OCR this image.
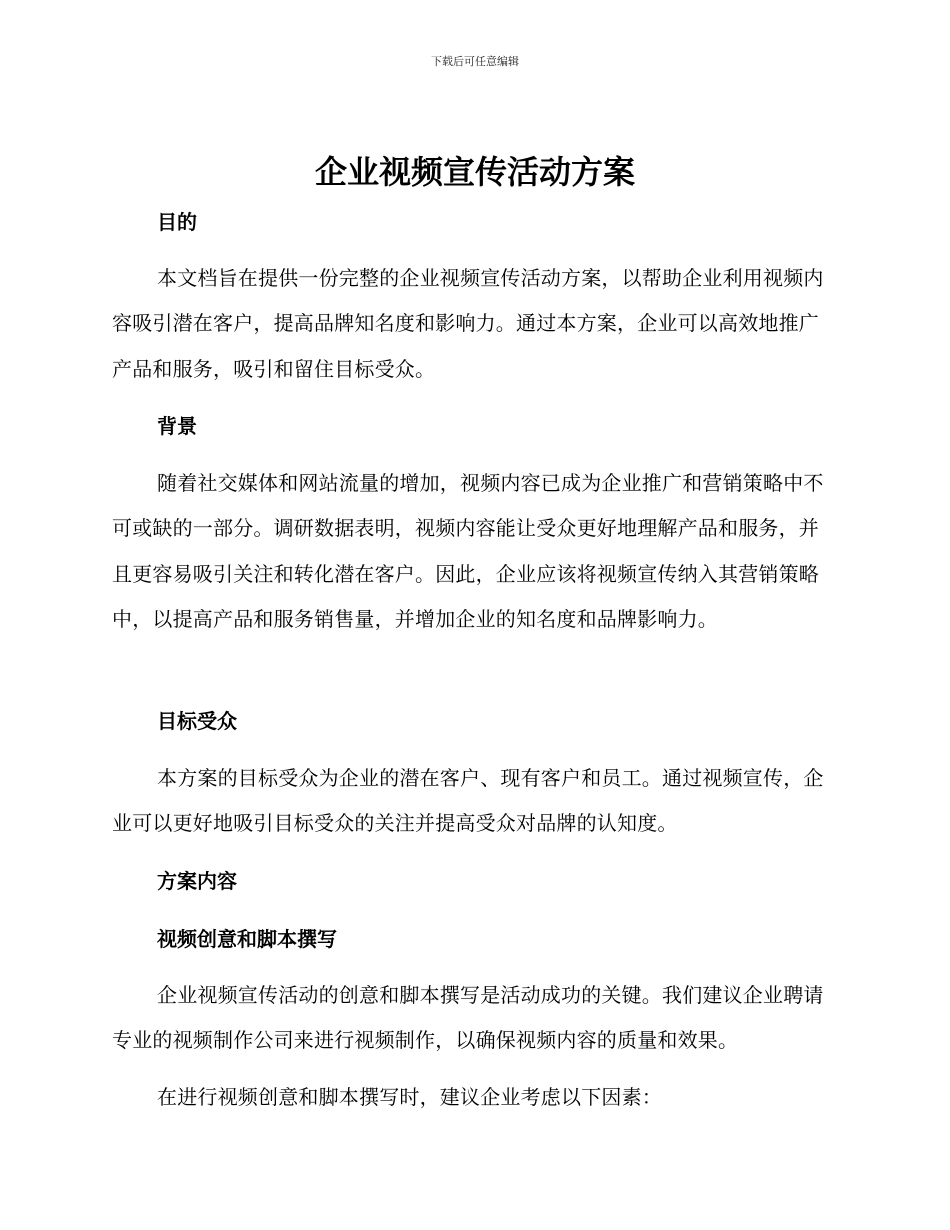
下载后可任意编辑
企业视频宣传活动方案
目的

本文档旨在提供一份完整的企业视频宣传活动方案，以帮助企业利用视频内容吸引潜在客户，提高品牌知名度和影响力。通过本方案，企业可以高效地推广产品和服务，吸引和留住目标受众。

背景

随着社交媒体和网站流量的增加，视频内容已成为企业推广和营销策略中不可或缺的一部分。调研数据表明，视频内容能让受众更好地理解产品和服务，并且更容易吸引关注和转化潜在客户。因此，企业应该将视频宣传纳入其营销策略中，以提高产品和服务销售量，并增加企业的知名度和品牌影响力。

目标受众

本方案的目标受众为企业的潜在客户、现有客户和员工。通过视频宣传，企业可以更好地吸引目标受众的关注并提高受众对品牌的认知度。

方案内容
视频创意和脚本撰写

企业视频宣传活动的创意和脚本撰写是活动成功的关键。我们建议企业聘请专业的视频制作公司来进行视频制作，以确保视频内容的质量和效果。

在进行视频创意和脚本撰写时，建议企业考虑以下因素：
